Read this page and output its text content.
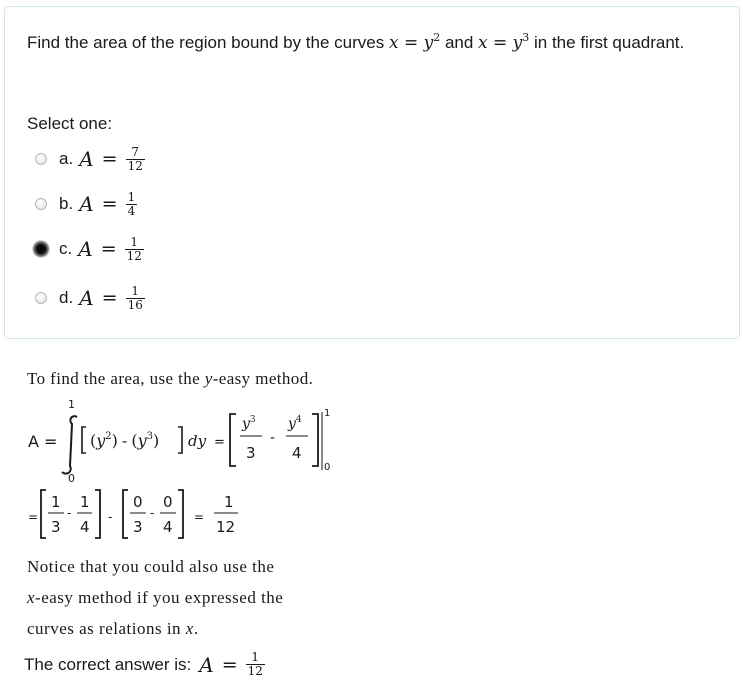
Find the area of the region bound by the curves $x = y^2$ and $x = y^3$ in the first quadrant.
Select one:
a. $A = \frac{7}{12}$
b. $A = \frac{1}{4}$
c. $A = \frac{1}{12}$
d. $A = \frac{1}{16}$
To find the area, use the y-easy method.
A =
1
0
$(y^2) - (y^3)$ dy =
$y^3$
3
-
$y^4$
4
1
0
=
1
3
-
1
4
-
0
3
-
0
4
=
1
12
Notice that you could also use the
x-easy method if you expressed the
curves as relations in x.
The correct answer is: $A = \frac{1}{12}$
